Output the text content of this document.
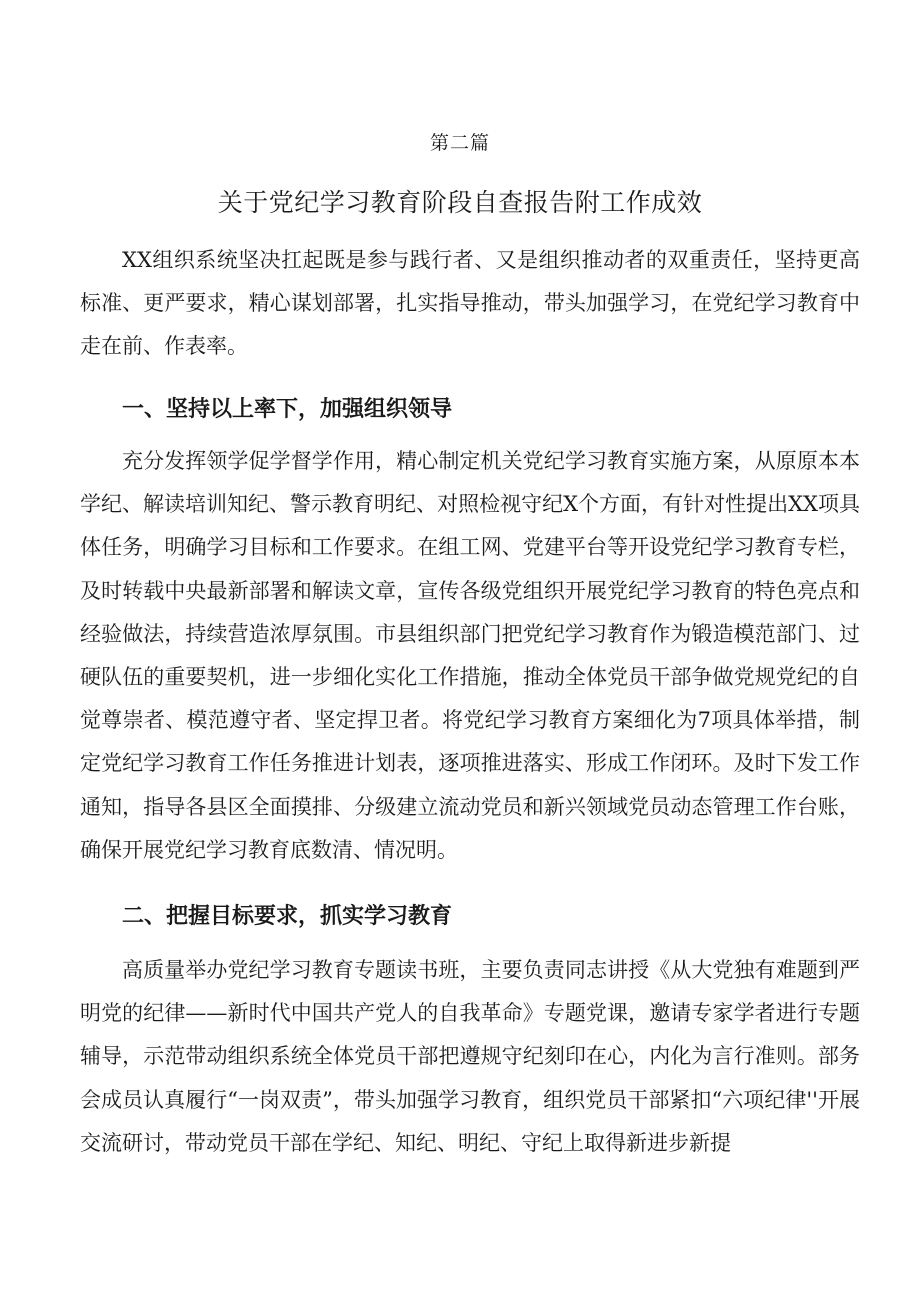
第二篇
关于党纪学习教育阶段自查报告附工作成效

XX组织系统坚决扛起既是参与践行者、又是组织推动者的双重责任，坚持更高标准、更严要求，精心谋划部署，扎实指导推动，带头加强学习，在党纪学习教育中走在前、作表率。

一、坚持以上率下，加强组织领导

充分发挥领学促学督学作用，精心制定机关党纪学习教育实施方案，从原原本本学纪、解读培训知纪、警示教育明纪、对照检视守纪X个方面，有针对性提出XX项具体任务，明确学习目标和工作要求。在组工网、党建平台等开设党纪学习教育专栏，及时转载中央最新部署和解读文章，宣传各级党组织开展党纪学习教育的特色亮点和经验做法，持续营造浓厚氛围。市县组织部门把党纪学习教育作为锻造模范部门、过硬队伍的重要契机，进一步细化实化工作措施，推动全体党员干部争做党规党纪的自觉尊崇者、模范遵守者、坚定捍卫者。将党纪学习教育方案细化为7项具体举措，制定党纪学习教育工作任务推进计划表，逐项推进落实、形成工作闭环。及时下发工作通知，指导各县区全面摸排、分级建立流动党员和新兴领域党员动态管理工作台账，确保开展党纪学习教育底数清、情况明。

二、把握目标要求，抓实学习教育

高质量举办党纪学习教育专题读书班，主要负责同志讲授《从大党独有难题到严明党的纪律——新时代中国共产党人的自我革命》专题党课，邀请专家学者进行专题辅导，示范带动组织系统全体党员干部把遵规守纪刻印在心，内化为言行准则。部务会成员认真履行“一岗双责”，带头加强学习教育，组织党员干部紧扣“六项纪律''开展交流研讨，带动党员干部在学纪、知纪、明纪、守纪上取得新进步新提
